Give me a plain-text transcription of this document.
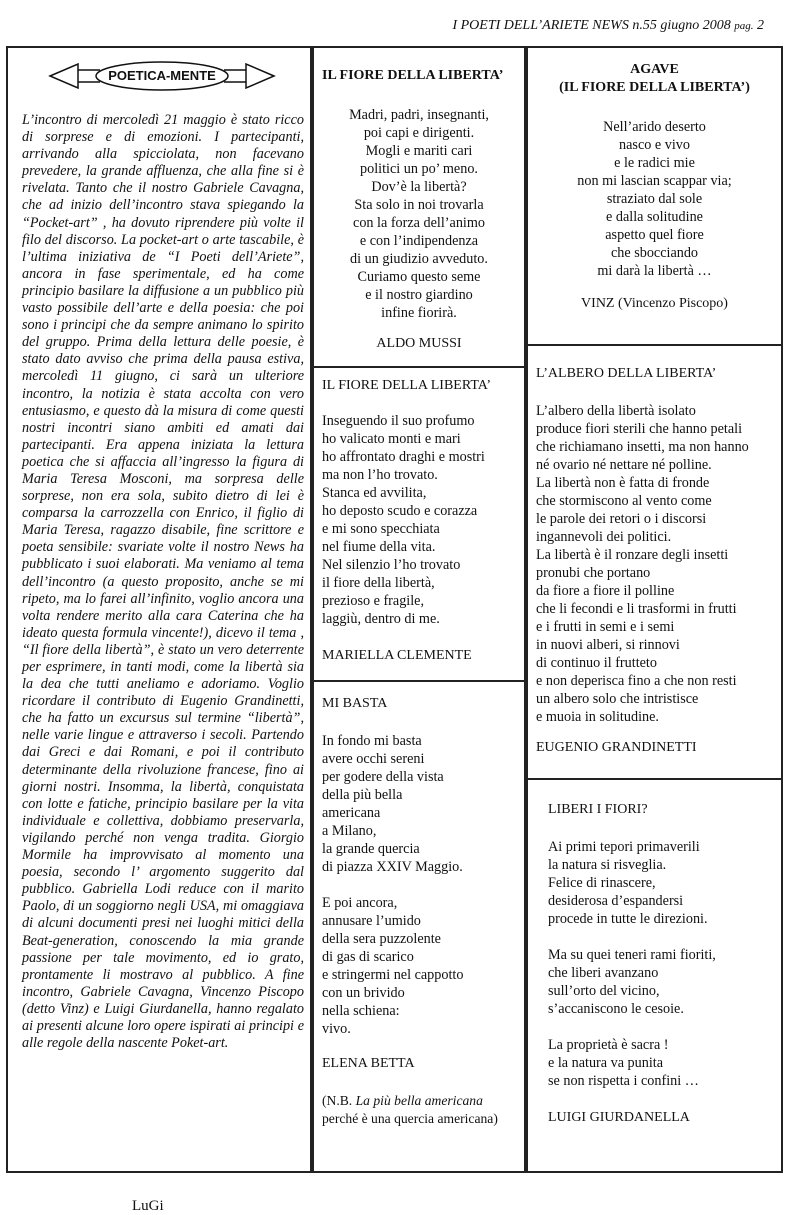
I POETI DELL’ARIETE NEWS n.55 giugno 2008 pag. 2
POETICA-MENTE
L’incontro di mercoledì 21 maggio è stato ricco di sorprese e di emozioni. I partecipanti, arrivando alla spicciolata, non facevano prevedere, la grande affluenza, che alla fine si è rivelata. Tanto che il nostro Gabriele Cavagna, che ad inizio dell’incontro stava spiegando la “Pocket-art” , ha dovuto riprendere più volte il filo del discorso. La pocket-art o arte tascabile, è l’ultima iniziativa de “I Poeti dell’Ariete”, ancora in fase sperimentale, ed ha come principio basilare la diffusione a un pubblico più vasto possibile dell’arte e della poesia: che poi sono i principi che da sempre animano lo spirito del gruppo. Prima della lettura delle poesie, è stato dato avviso che prima della pausa estiva, mercoledì 11 giugno, ci sarà un ulteriore incontro, la notizia è stata accolta con vero entusiasmo, e questo dà la misura di come questi nostri incontri siano ambiti ed amati dai partecipanti. Era appena iniziata la lettura poetica che si affaccia all’ingresso la figura di Maria Teresa Mosconi, ma sorpresa delle sorprese, non era sola, subito dietro di lei è comparsa la carrozzella con Enrico, il figlio di Maria Teresa, ragazzo disabile, fine scrittore e poeta sensibile: svariate volte il nostro News ha pubblicato i suoi elaborati. Ma veniamo al tema dell’incontro (a questo proposito, anche se mi ripeto, ma lo farei all’infinito, voglio ancora una volta rendere merito alla cara Caterina che ha ideato questa formula vincente!), dicevo il tema , “Il fiore della libertà”, è stato un vero deterrente per esprimere, in tanti modi, come la libertà sia la dea che tutti aneliamo e adoriamo. Voglio ricordare il contributo di Eugenio Grandinetti, che ha fatto un excursus sul termine “libertà”, nelle varie lingue e attraverso i secoli. Partendo dai Greci e dai Romani, e poi il contributo determinante della rivoluzione francese, fino ai giorni nostri. Insomma, la libertà, conquistata con lotte e fatiche, principio basilare per la vita individuale e collettiva, dobbiamo preservarla, vigilando perché non venga tradita. Giorgio Mormile ha improvvisato al momento una poesia, secondo l’ argomento suggerito dal pubblico. Gabriella Lodi reduce con il marito Paolo, di un soggiorno negli USA, mi omaggiava di alcuni documenti presi nei luoghi mitici della Beat-generation, conoscendo la mia grande passione per tale movimento, ed io grato, prontamente li mostravo al pubblico. A fine incontro, Gabriele Cavagna, Vincenzo Piscopo (detto Vinz) e Luigi Giurdanella, hanno regalato ai presenti alcune loro opere ispirati ai principi e alle regole della nascente Poket-art.
LuGi
IL FIORE DELLA LIBERTA’
Madri, padri, insegnanti,
poi capi e dirigenti.
Mogli e mariti cari
politici un po’ meno.
Dov’è la libertà?
Sta solo in noi trovarla
con la forza dell’animo
e con l’indipendenza
di un giudizio avveduto.
Curiamo questo seme
e il nostro giardino
infine fiorirà.
ALDO MUSSI
IL FIORE DELLA LIBERTA’
Inseguendo il suo profumo
ho valicato monti e mari
ho affrontato draghi e mostri
ma non l’ho trovato.
Stanca ed avvilita,
ho deposto scudo e corazza
e mi sono specchiata
nel fiume della vita.
Nel silenzio l’ho trovato
il fiore della libertà,
prezioso e fragile,
laggiù, dentro di me.
MARIELLA CLEMENTE
MI BASTA
In fondo mi basta
avere occhi sereni
per godere della vista
della più bella
americana
a Milano,
la grande quercia
di piazza XXIV Maggio.

E poi ancora,
annusare l’umido
della sera puzzolente
di gas di scarico
e stringermi nel cappotto
con un brivido
nella schiena:
vivo.
ELENA BETTA
(N.B. La più bella americana
perché è una quercia americana)
AGAVE
(IL FIORE DELLA LIBERTA’)
Nell’arido deserto
nasco e vivo
e le radici mie
non mi lascian scappar via;
straziato dal sole
e dalla solitudine
aspetto quel fiore
che sbocciando
mi darà la libertà …
VINZ (Vincenzo Piscopo)
L’ALBERO DELLA LIBERTA’
L’albero della libertà isolato
produce fiori sterili che hanno petali
che richiamano insetti, ma non hanno
né ovario né nettare né polline.
La libertà non è fatta di fronde
che stormiscono al vento come
le parole dei retori o i discorsi
ingannevoli dei politici.
La libertà è il ronzare degli insetti
pronubi che portano
da fiore a fiore il polline
che li fecondi e li trasformi in frutti
e i frutti in semi e i semi
in nuovi alberi, si rinnovi
di continuo il frutteto
e non deperisca fino a che non resti
un albero solo che intristisce
e muoia in solitudine.
EUGENIO GRANDINETTI
LIBERI I FIORI?
Ai primi tepori primaverili
la natura si risveglia.
Felice di rinascere,
desiderosa d’espandersi
procede in tutte le direzioni.

Ma su quei teneri rami fioriti,
che liberi avanzano
sull’orto del vicino,
s’accaniscono le cesoie.

La proprietà è sacra !
e la natura va punita
se non rispetta i confini …
LUIGI GIURDANELLA
